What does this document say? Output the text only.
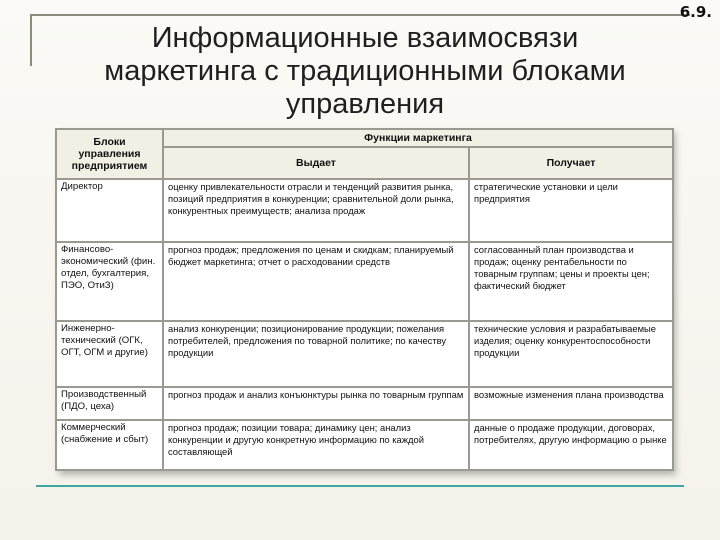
6.9.
Информационные взаимосвязи
маркетинга с традиционными блоками
управления
Блоки управления предприятием	Функции маркетинга	
	Выдает	Получает
Директор	оценку привлекательности отрасли и тенденций развития рынка, позиций предприятия в конкуренции; сравнительной доли рынка, конкурентных преимуществ; анализа продаж	стратегические установки и цели предприятия
Финансово-экономический (фин. отдел, бухгалтерия, ПЭО, ОтиЗ)	прогноз продаж; предложения по ценам и скидкам; планируемый бюджет маркетинга; отчет о расходовании средств	согласованный план производства и продаж; оценку рентабельности по товарным группам; цены и проекты цен; фактический бюджет
Инженерно-технический (ОГК, ОГТ, ОГМ и другие)	анализ конкуренции; позиционирование продукции; пожелания потребителей, предложения по товарной политике; по качеству продукции	технические условия и разрабатываемые изделия; оценку конкурентоспособности продукции
Производственный (ПДО, цеха)	прогноз продаж и анализ конъюнктуры рынка по товарным группам	возможные изменения плана производства
Коммерческий (снабжение и сбыт)	прогноз продаж; позиции товара; динамику цен; анализ конкуренции и другую конкретную информацию по каждой составляющей	данные о продаже продукции, договорах, потребителях, другую информацию о рынке
